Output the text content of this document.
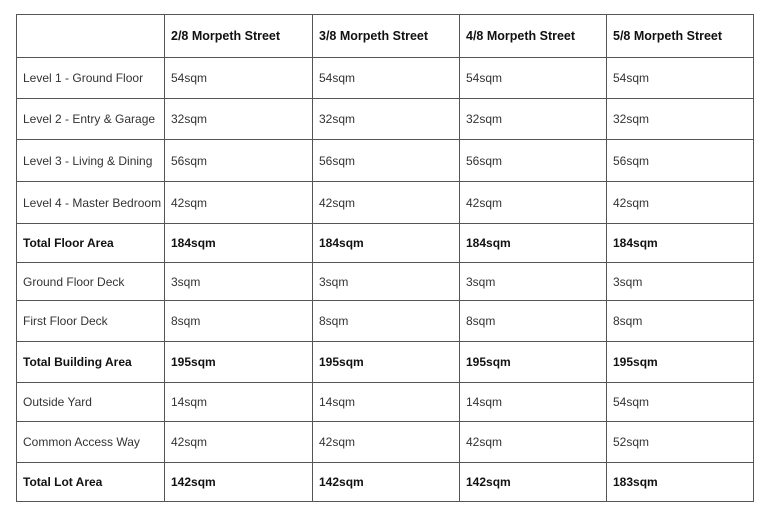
	2/8 Morpeth Street	3/8 Morpeth Street	4/8 Morpeth Street	5/8 Morpeth Street
Level 1 - Ground Floor	54sqm	54sqm	54sqm	54sqm
Level 2 - Entry & Garage	32sqm	32sqm	32sqm	32sqm
Level 3 - Living & Dining	56sqm	56sqm	56sqm	56sqm
Level 4 - Master Bedroom	42sqm	42sqm	42sqm	42sqm
Total Floor Area	184sqm	184sqm	184sqm	184sqm
Ground Floor Deck	3sqm	3sqm	3sqm	3sqm
First Floor Deck	8sqm	8sqm	8sqm	8sqm
Total Building Area	195sqm	195sqm	195sqm	195sqm
Outside Yard	14sqm	14sqm	14sqm	54sqm
Common Access Way	42sqm	42sqm	42sqm	52sqm
Total Lot Area	142sqm	142sqm	142sqm	183sqm
